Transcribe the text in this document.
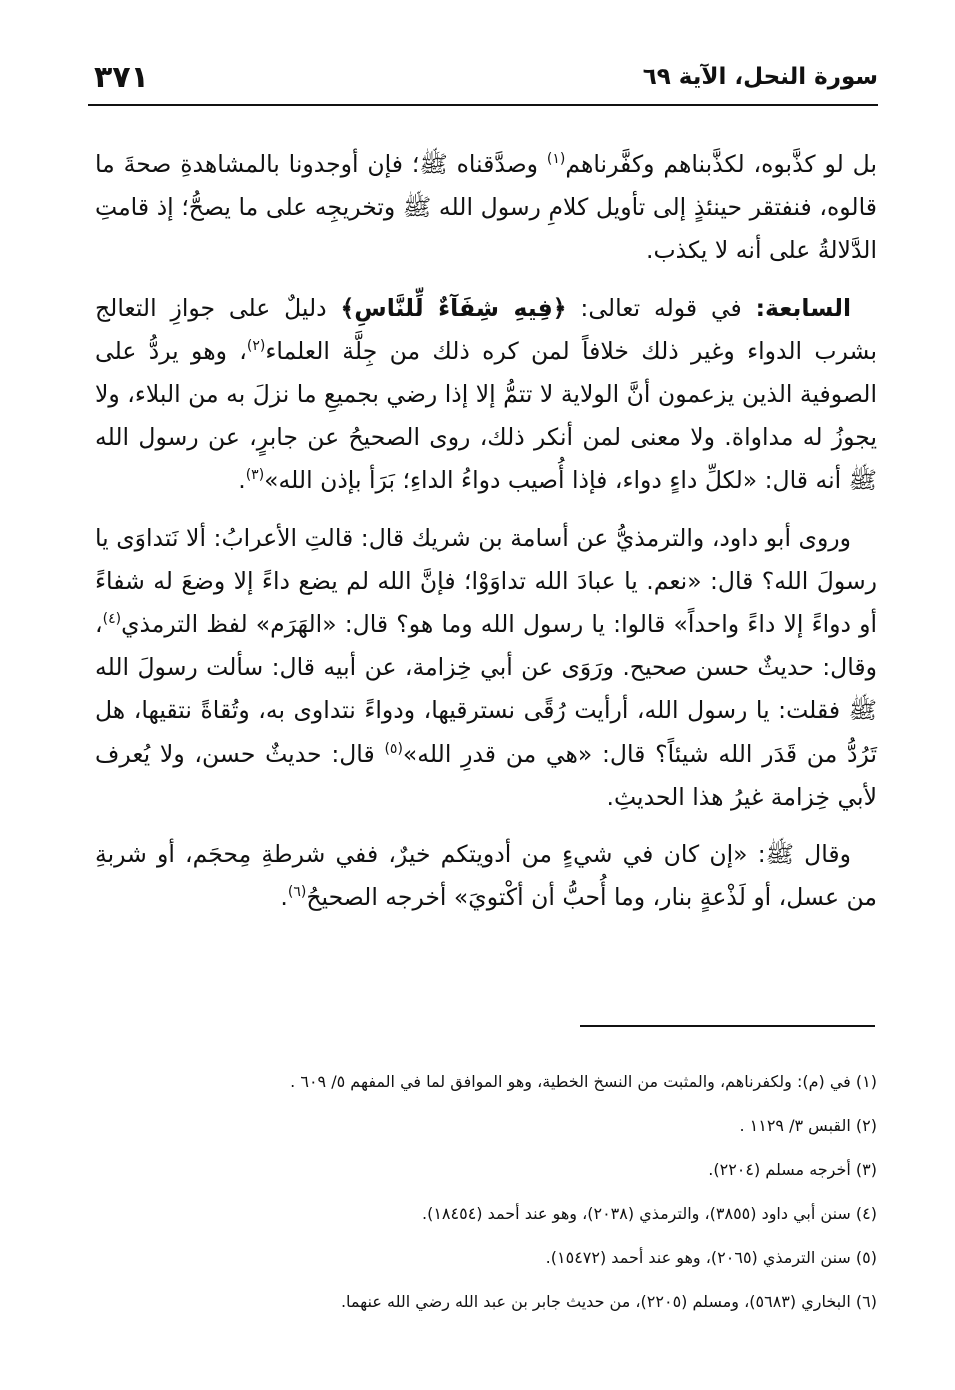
سورة النحل، الآية ٦٩
٣٧١

بل لو كذَّبوه، لكذَّبناهم وكفَّرناهم$^{(١)}$ وصدَّقناه ﷺ؛ فإن أوجدونا بالمشاهدةِ صحةَ ما قالوه، فنفتقر حينئذٍ إلى تأويل كلامِ رسول الله ﷺ وتخريجِه على ما يصحُّ؛ إذ قامتِ الدَّلالةُ على أنه لا يكذب.

السابعة: في قوله تعالى: ﴿فِيهِ شِفَآءٌ لِّلنَّاسِ﴾ دليلٌ على جوازِ التعالج بشرب الدواء وغير ذلك خلافاً لمن كره ذلك من جِلَّة العلماء$^{(٢)}$، وهو يردُّ على الصوفية الذين يزعمون أنَّ الولاية لا تتمُّ إلا إذا رضي بجميعِ ما نزلَ به من البلاء، ولا يجوزُ له مداواة. ولا معنى لمن أنكر ذلك، روى الصحيحُ عن جابرٍ، عن رسول الله ﷺ أنه قال: «لكلِّ داءٍ دواء، فإذا أُصيب دواءُ الداءِ؛ بَرَأ بإذن الله»$^{(٣)}$.

وروى أبو داود، والترمذيُّ عن أسامة بن شريك قال: قالتِ الأعرابُ: ألا نَتداوَى يا رسولَ الله؟ قال: «نعم. يا عبادَ الله تداوَوْا؛ فإنَّ الله لم يضع داءً إلا وضعَ له شفاءً أو دواءً إلا داءً واحداً» قالوا: يا رسول الله وما هو؟ قال: «الهَرَم» لفظ الترمذي$^{(٤)}$، وقال: حديثٌ حسن صحيح. ورَوَى عن أبي خِزامة، عن أبيه قال: سألت رسولَ الله ﷺ فقلت: يا رسول الله، أرأيت رُقًى نسترقيها، ودواءً نتداوى به، وتُقاةً نتقيها، هل تَرُدُّ من قَدَر الله شيئاً؟ قال: «هي من قدرِ الله»$^{(٥)}$ قال: حديثٌ حسن، ولا يُعرف لأبي خِزامة غيرُ هذا الحديثِ.

وقال ﷺ: «إن كان في شيءٍ من أدويتكم خيرٌ، ففي شرطةِ مِحجَم، أو شربةِ من عسل، أو لَذْعةٍ بنار، وما أُحبُّ أن أكْتويَ» أخرجه الصحيحُ$^{(٦)}$.

(١) في (م): ولكفرناهم، والمثبت من النسخ الخطية، وهو الموافق لما في المفهم ٥/ ٦٠٩ .
(٢) القبس ٣/ ١١٢٩ .
(٣) أخرجه مسلم (٢٢٠٤).
(٤) سنن أبي داود (٣٨٥٥)، والترمذي (٢٠٣٨)، وهو عند أحمد (١٨٤٥٤).
(٥) سنن الترمذي (٢٠٦٥)، وهو عند أحمد (١٥٤٧٢).
(٦) البخاري (٥٦٨٣)، ومسلم (٢٢٠٥)، من حديث جابر بن عبد الله رضي الله عنهما.
